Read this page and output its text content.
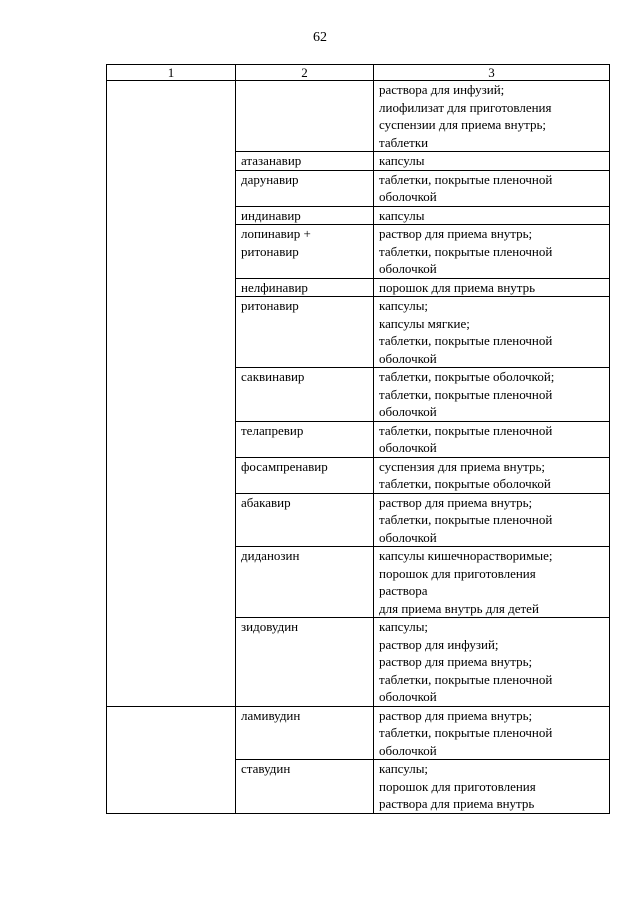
62
1	2	3

		раствора для инфузий;
лиофилизат для приготовления
суспензии для приема внутрь;
таблетки

	атазанавир	капсулы

	дарунавир	таблетки, покрытые пленочной
оболочкой

	индинавир	капсулы

	лопинавир + ритонавир	раствор для приема внутрь;
таблетки, покрытые пленочной
оболочкой

	нелфинавир	порошок для приема внутрь

	ритонавир	капсулы;
капсулы мягкие;
таблетки, покрытые пленочной
оболочкой

	саквинавир	таблетки, покрытые оболочкой;
таблетки, покрытые пленочной
оболочкой

	телапревир	таблетки, покрытые пленочной
оболочкой

	фосампренавир	суспензия для приема внутрь;
таблетки, покрытые оболочкой

	абакавир	раствор для приема внутрь;
таблетки, покрытые пленочной
оболочкой

	диданозин	капсулы кишечнорастворимые;
порошок для приготовления
раствора
для приема внутрь для детей

	зидовудин	капсулы;
раствор для инфузий;
раствор для приема внутрь;
таблетки, покрытые пленочной
оболочкой

	ламивудин	раствор для приема внутрь;
таблетки, покрытые пленочной
оболочкой

	ставудин	капсулы;
порошок для приготовления
раствора для приема внутрь
